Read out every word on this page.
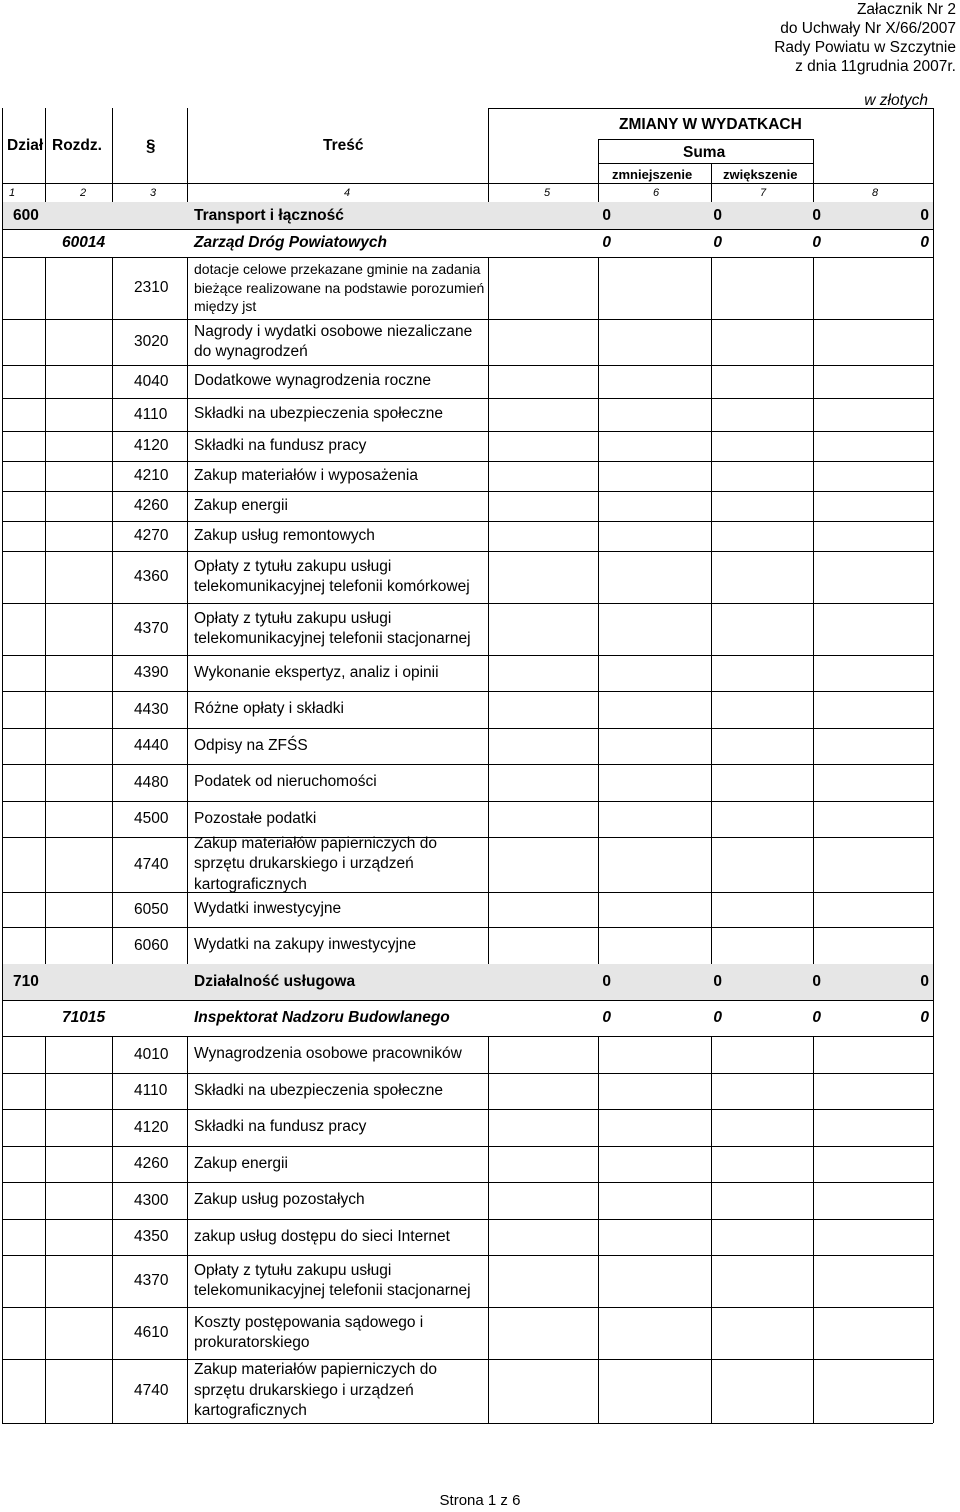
Załacznik Nr 2
do Uchwały Nr X/66/2007
Rady Powiatu w Szczytnie
z dnia 11grudnia 2007r.
w złotych
Dział Rozdz.	§	Treść
ZMIANY W WYDATKACH
Suma
zmniejszenie zwiększenie
1	2	3	4	5	6	7	8
600	Transport i łączność	0	0	0	0
60014	Zarząd Dróg Powiatowych	0	0	0	0
2310
dotacje celowe przekazane gminie na zadania
bieżące realizowane na podstawie porozumień
między jst
3020
Nagrody i wydatki osobowe niezaliczane
do wynagrodzeń
4040 Dodatkowe wynagrodzenia roczne
4110 Składki na ubezpieczenia społeczne
4120 Składki na fundusz pracy
4210 Zakup materiałów i wyposażenia
4260 Zakup energii
4270 Zakup usług remontowych
4360
Opłaty z tytułu zakupu usługi
telekomunikacyjnej telefonii komórkowej
4370
Opłaty z tytułu zakupu usługi
telekomunikacyjnej telefonii stacjonarnej
4390 Wykonanie ekspertyz, analiz i opinii
4430 Różne opłaty i składki
4440 Odpisy na ZFŚS
4480 Podatek od nieruchomości
4500 Pozostałe podatki
4740
Zakup materiałów papierniczych do
sprzętu drukarskiego i urządzeń
kartograficznych
6050 Wydatki inwestycyjne
6060 Wydatki na zakupy inwestycyjne
710	Działalność usługowa	0	0	0	0
71015	Inspektorat Nadzoru Budowlanego	0	0	0	0
4010 Wynagrodzenia osobowe pracowników
4110 Składki na ubezpieczenia społeczne
4120 Składki na fundusz pracy
4260 Zakup energii
4300 Zakup usług pozostałych
4350 zakup usług dostępu do sieci Internet
4370
Opłaty z tytułu zakupu usługi
telekomunikacyjnej telefonii stacjonarnej
4610
Koszty postępowania sądowego i
prokuratorskiego
4740
Zakup materiałów papierniczych do
sprzętu drukarskiego i urządzeń
kartograficznych
Strona 1 z 6
